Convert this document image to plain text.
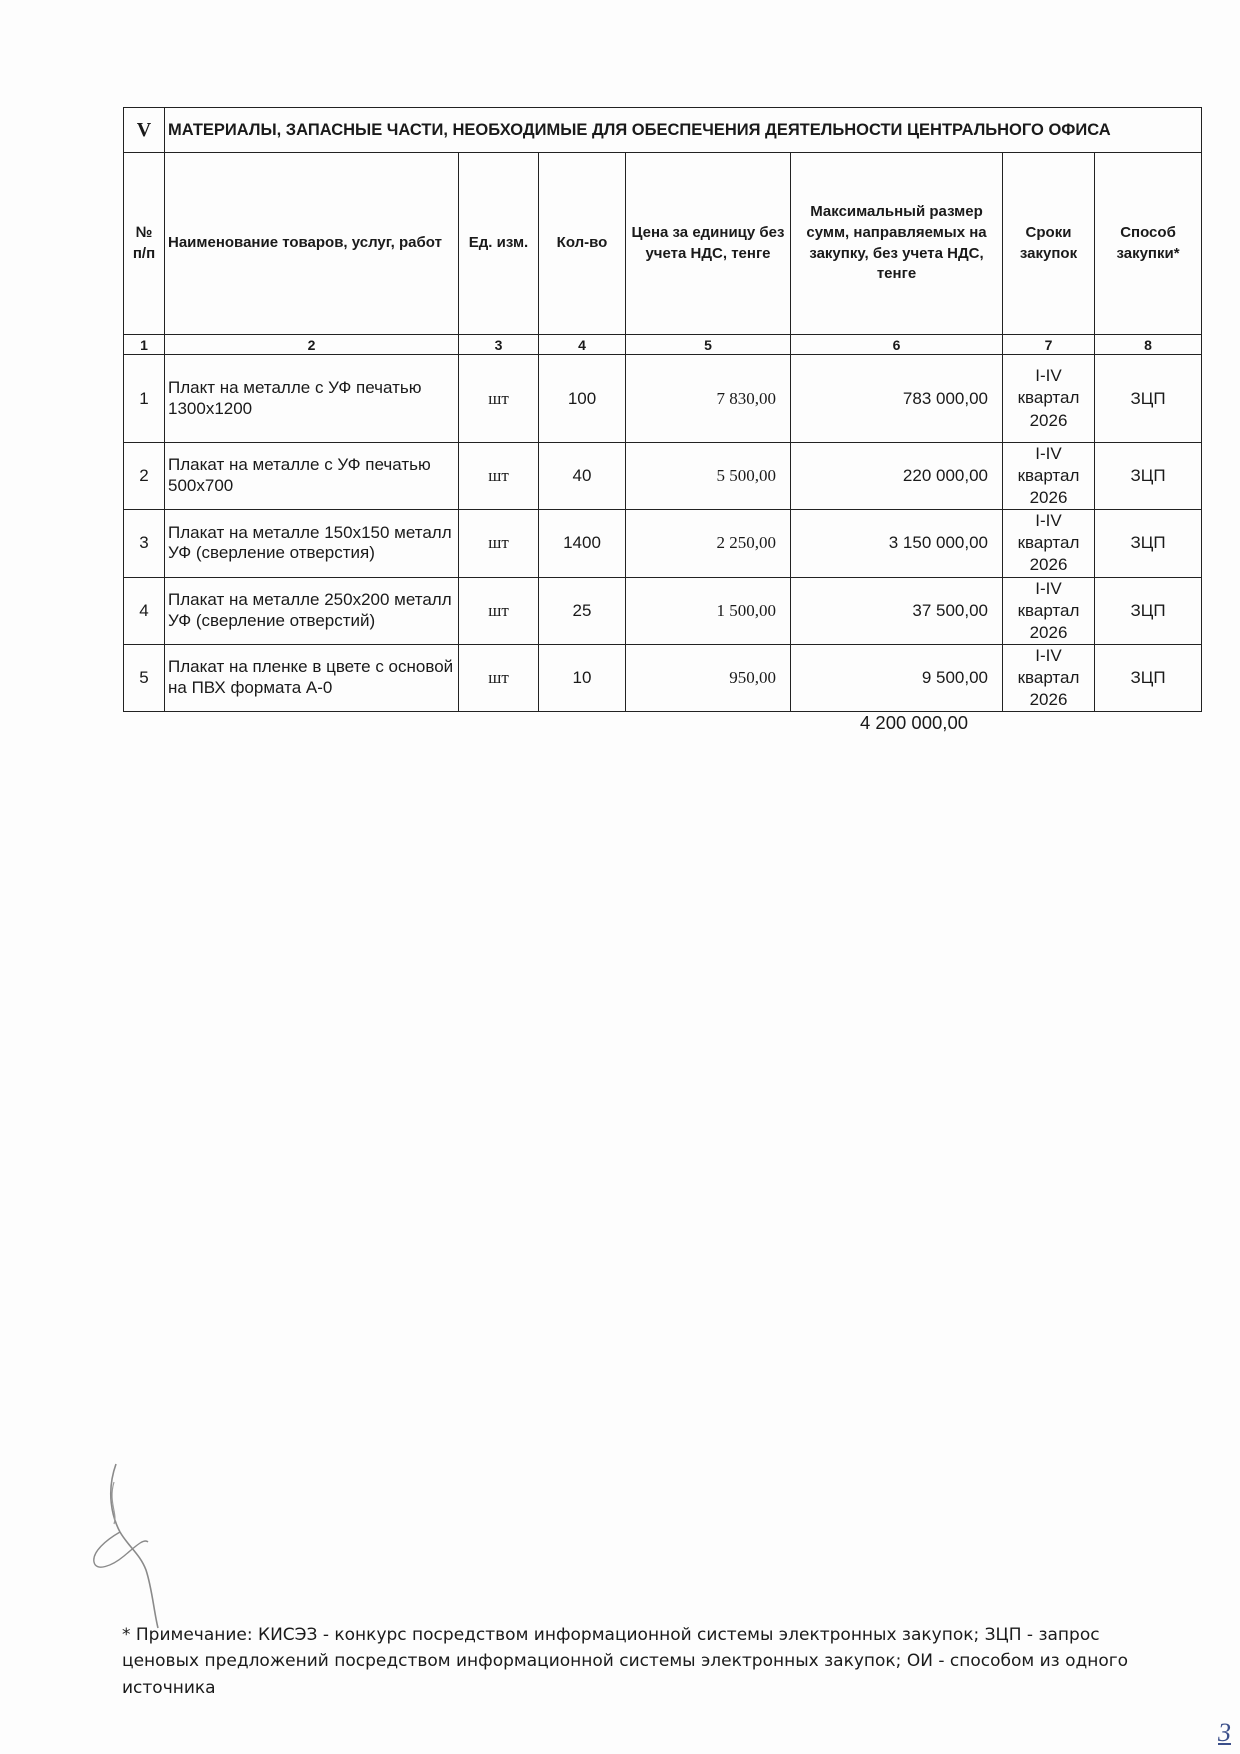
V	МАТЕРИАЛЫ, ЗАПАСНЫЕ ЧАСТИ, НЕОБХОДИМЫЕ ДЛЯ ОБЕСПЕЧЕНИЯ ДЕЯТЕЛЬНОСТИ ЦЕНТРАЛЬНОГО ОФИСА						
№ п/п	Наименование товаров, услуг, работ	Ед. изм.	Кол-во	Цена за единицу без учета НДС, тенге	Максимальный размер сумм, направляемых на закупку, без учета НДС, тенге	Сроки закупок	Способ закупки*
1	2	3	4	5	6	7	8
1	Плакт на металле с УФ печатью 1300х1200	шт	100	7 830,00	783 000,00	I-IV квартал 2026	ЗЦП
2	Плакат на металле с УФ печатью 500х700	шт	40	5 500,00	220 000,00	I-IV квартал 2026	ЗЦП
3	Плакат на металле 150х150 металл УФ (сверление отверстия)	шт	1400	2 250,00	3 150 000,00	I-IV квартал 2026	ЗЦП
4	Плакат на металле 250х200 металл УФ (сверление отверстий)	шт	25	1 500,00	37 500,00	I-IV квартал 2026	ЗЦП
5	Плакат на пленке в цвете с основой на ПВХ формата А-0	шт	10	950,00	9 500,00	I-IV квартал 2026	ЗЦП
4 200 000,00
* Примечание: КИСЭЗ - конкурс посредством информационной системы электронных закупок; ЗЦП - запрос ценовых предложений посредством информационной системы электронных закупок; ОИ - способом из одного источника
3
